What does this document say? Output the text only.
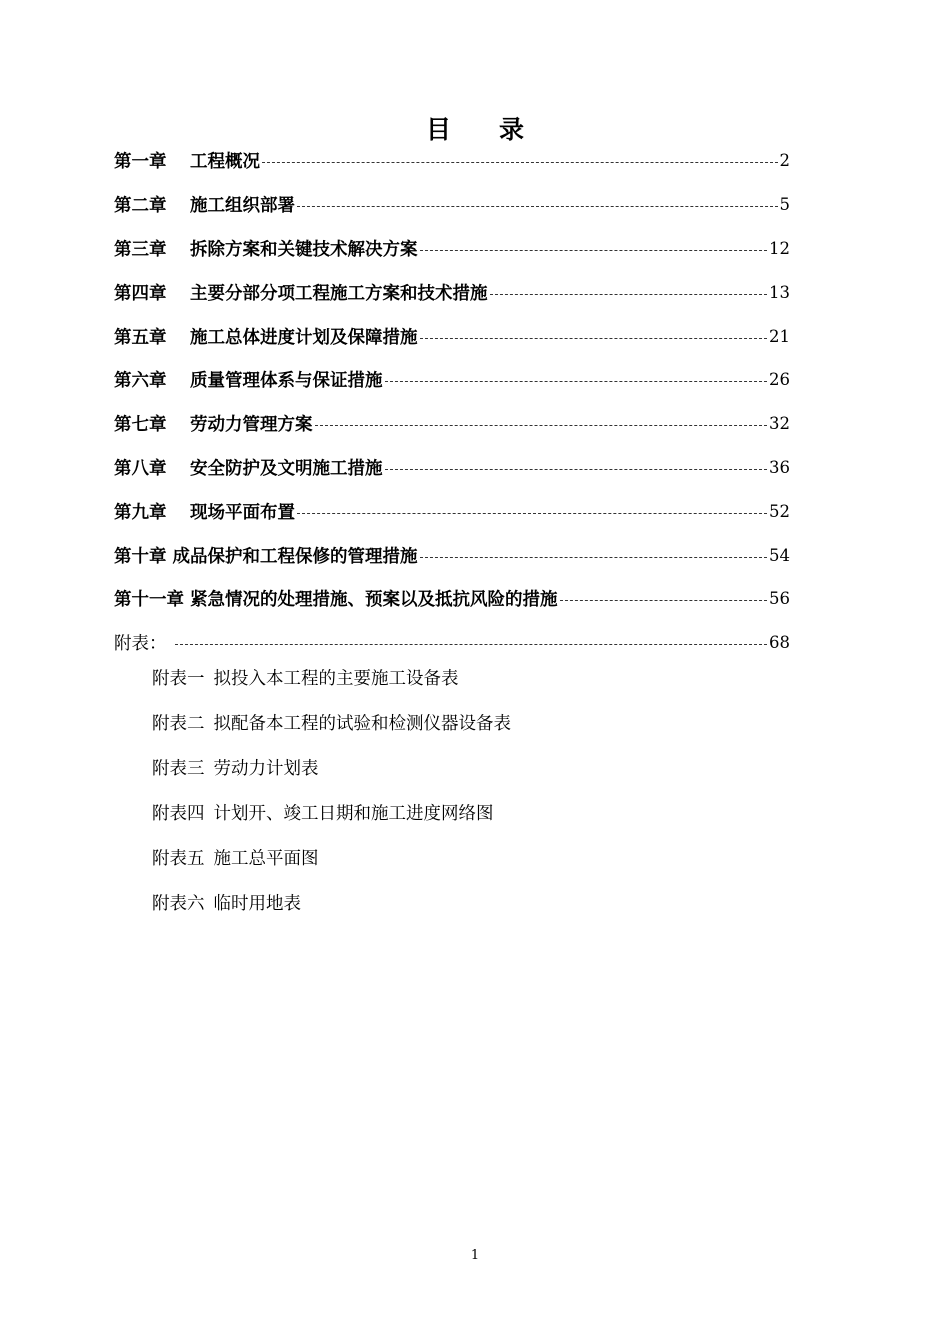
目 录
第一章 工程概况	2
第二章 施工组织部署	5
第三章 拆除方案和关键技术解决方案	12
第四章 主要分部分项工程施工方案和技术措施	13
第五章 施工总体进度计划及保障措施	21
第六章 质量管理体系与保证措施	26
第七章 劳动力管理方案	32
第八章 安全防护及文明施工措施	36
第九章 现场平面布置	52
第十章 成品保护和工程保修的管理措施	54
第十一章 紧急情况的处理措施、预案以及抵抗风险的措施	56
附表：	68
附表一 拟投入本工程的主要施工设备表
附表二 拟配备本工程的试验和检测仪器设备表
附表三 劳动力计划表
附表四 计划开、竣工日期和施工进度网络图
附表五 施工总平面图
附表六 临时用地表
1
